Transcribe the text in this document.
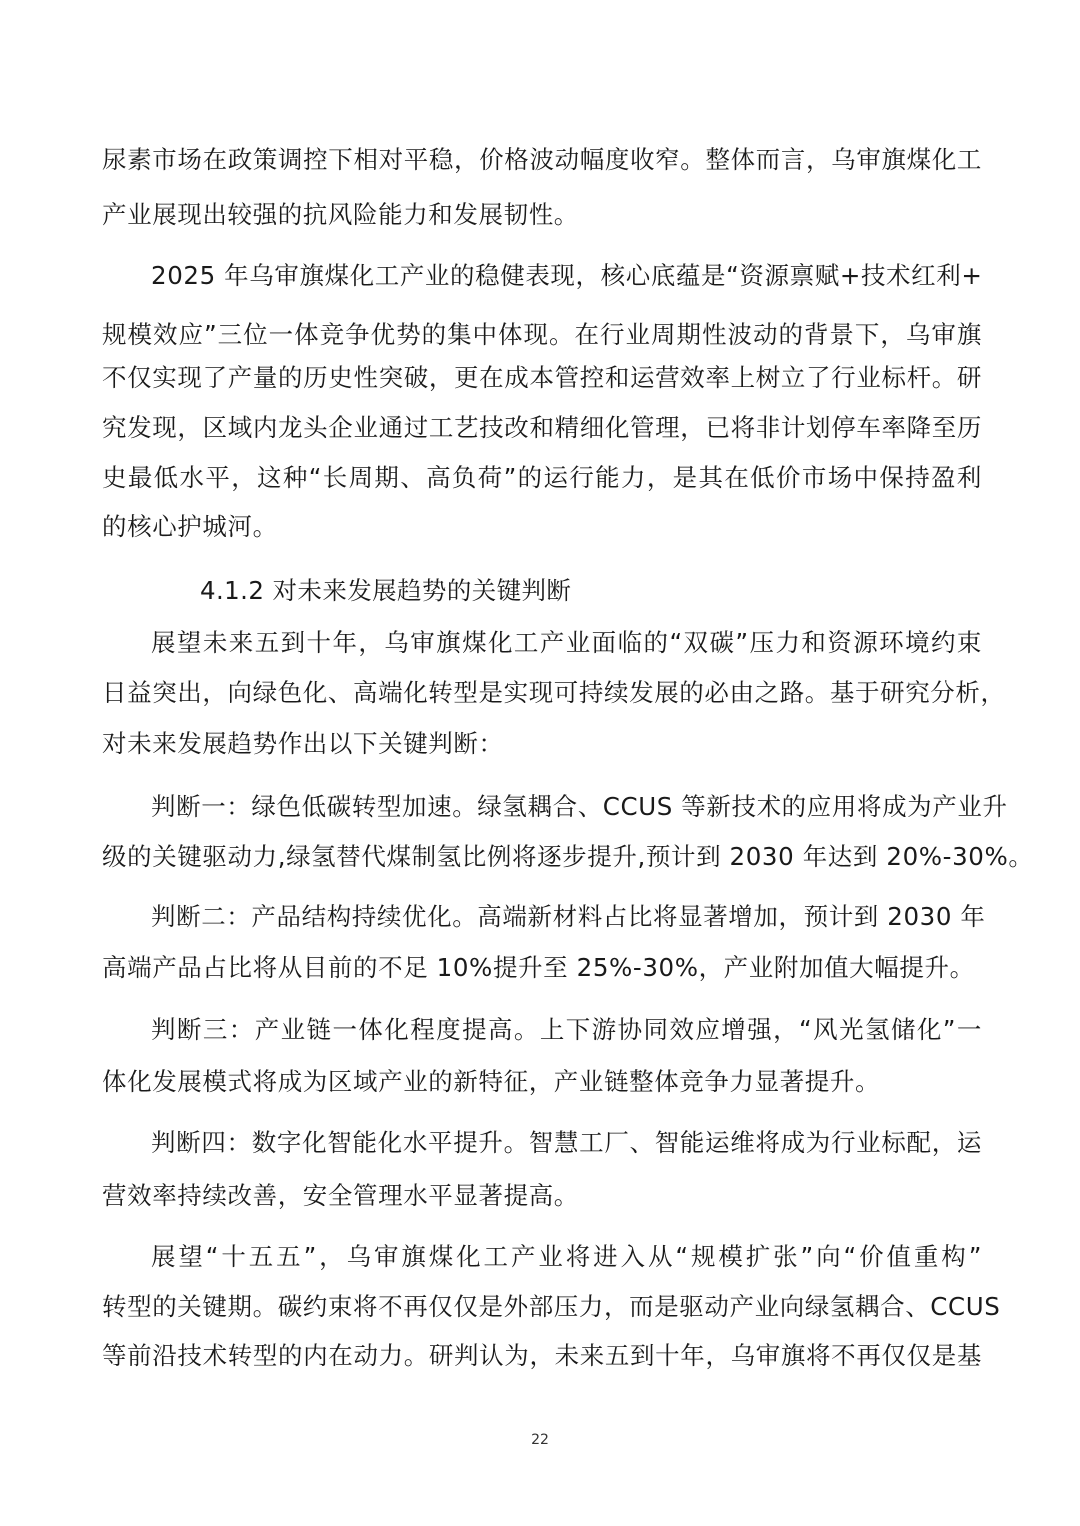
尿素市场在政策调控下相对平稳，价格波动幅度收窄。整体而言，乌审旗煤化工
产业展现出较强的抗风险能力和发展韧性。
2025 年乌审旗煤化工产业的稳健表现，核心底蕴是“资源禀赋+技术红利+
规模效应”三位一体竞争优势的集中体现。在行业周期性波动的背景下，乌审旗
不仅实现了产量的历史性突破，更在成本管控和运营效率上树立了行业标杆。研
究发现，区域内龙头企业通过工艺技改和精细化管理，已将非计划停车率降至历
史最低水平，这种“长周期、高负荷”的运行能力，是其在低价市场中保持盈利
的核心护城河。
4.1.2 对未来发展趋势的关键判断
展望未来五到十年，乌审旗煤化工产业面临的“双碳”压力和资源环境约束
日益突出，向绿色化、高端化转型是实现可持续发展的必由之路。基于研究分析，
对未来发展趋势作出以下关键判断：
判断一：绿色低碳转型加速。绿氢耦合、CCUS 等新技术的应用将成为产业升
级的关键驱动力,绿氢替代煤制氢比例将逐步提升,预计到 2030 年达到 20%-30%。
判断二：产品结构持续优化。高端新材料占比将显著增加，预计到 2030 年
高端产品占比将从目前的不足 10%提升至 25%-30%，产业附加值大幅提升。
判断三：产业链一体化程度提高。上下游协同效应增强，“风光氢储化”一
体化发展模式将成为区域产业的新特征，产业链整体竞争力显著提升。
判断四：数字化智能化水平提升。智慧工厂、智能运维将成为行业标配，运
营效率持续改善，安全管理水平显著提高。
展望“十五五”，乌审旗煤化工产业将进入从“规模扩张”向“价值重构”
转型的关键期。碳约束将不再仅仅是外部压力，而是驱动产业向绿氢耦合、CCUS
等前沿技术转型的内在动力。研判认为，未来五到十年，乌审旗将不再仅仅是基
22
